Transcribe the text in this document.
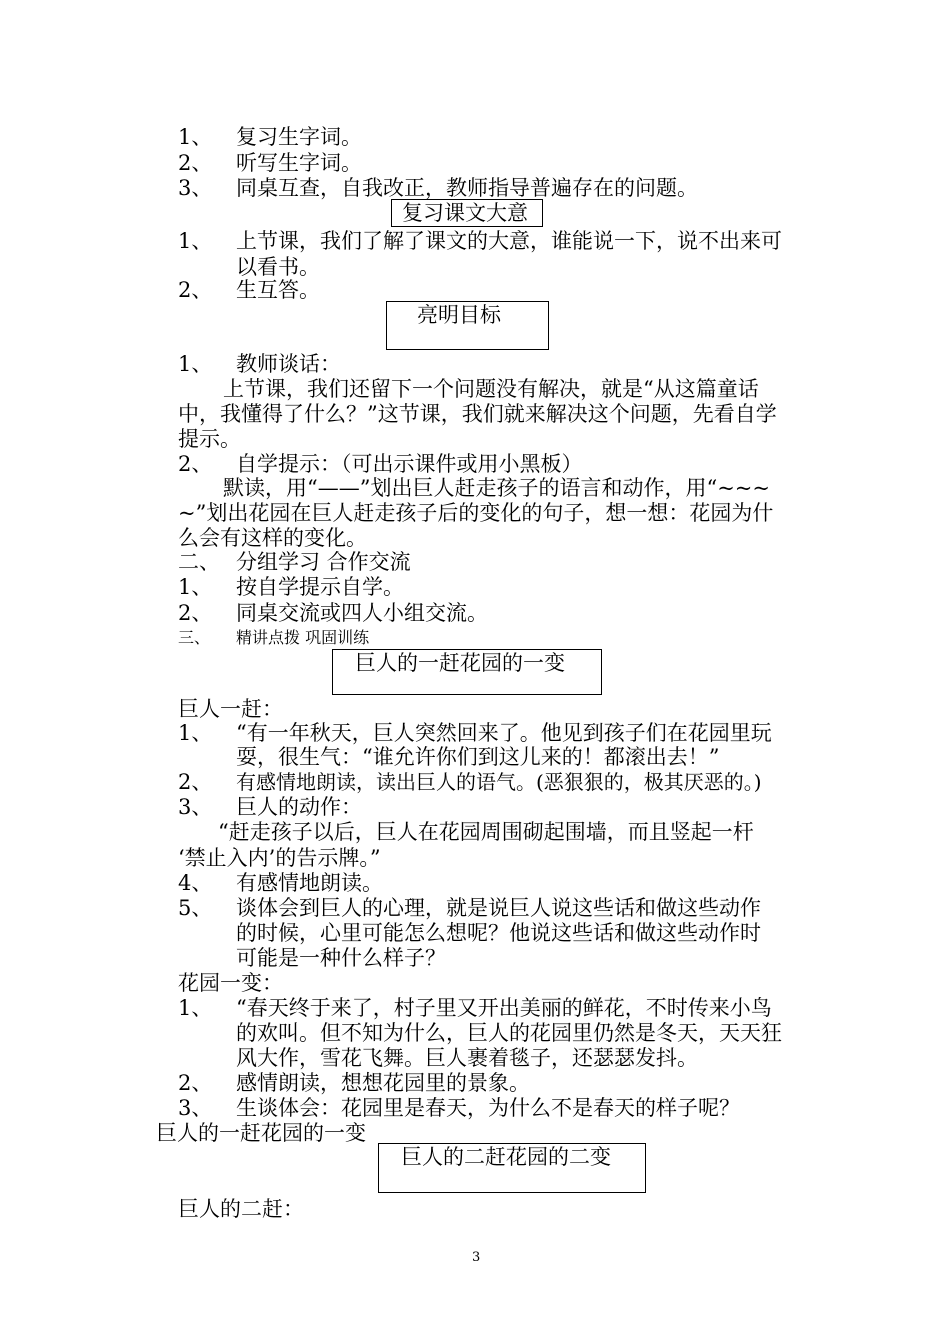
1、 复习生字词。
2、 听写生字词。
3、 同桌互查，自我改正，教师指导普遍存在的问题。
复习课文大意
1、 上节课，我们了解了课文的大意，谁能说一下，说不出来可
以看书。
2、 生互答。
亮明目标
1、 教师谈话：
上节课，我们还留下一个问题没有解决，就是“从这篇童话
中，我懂得了什么？”这节课，我们就来解决这个问题，先看自学
提示。
2、 自学提示：（可出示课件或用小黑板）
默读，用“——”划出巨人赶走孩子的语言和动作，用“~~~
~”划出花园在巨人赶走孩子后的变化的句子，想一想：花园为什
么会有这样的变化。
二、 分组学习 合作交流
1、 按自学提示自学。
2、 同桌交流或四人小组交流。
三、 精讲点拨 巩固训练
巨人的一赶花园的一变
巨人一赶：
1、 “有一年秋天，巨人突然回来了。他见到孩子们在花园里玩
耍，很生气：“谁允许你们到这儿来的！都滚出去！”
2、 有感情地朗读，读出巨人的语气。(恶狠狠的，极其厌恶的。)
3、 巨人的动作：
“赶走孩子以后，巨人在花园周围砌起围墙，而且竖起一杆
‘禁止入内’的告示牌。”
4、 有感情地朗读。
5、 谈体会到巨人的心理，就是说巨人说这些话和做这些动作
的时候，心里可能怎么想呢？他说这些话和做这些动作时
可能是一种什么样子？
花园一变：
1、 “春天终于来了，村子里又开出美丽的鲜花，不时传来小鸟
的欢叫。但不知为什么，巨人的花园里仍然是冬天，天天狂
风大作，雪花飞舞。巨人裹着毯子，还瑟瑟发抖。
2、 感情朗读，想想花园里的景象。
3、 生谈体会：花园里是春天，为什么不是春天的样子呢？
巨人的一赶花园的一变
巨人的二赶花园的二变
巨人的二赶：
3
